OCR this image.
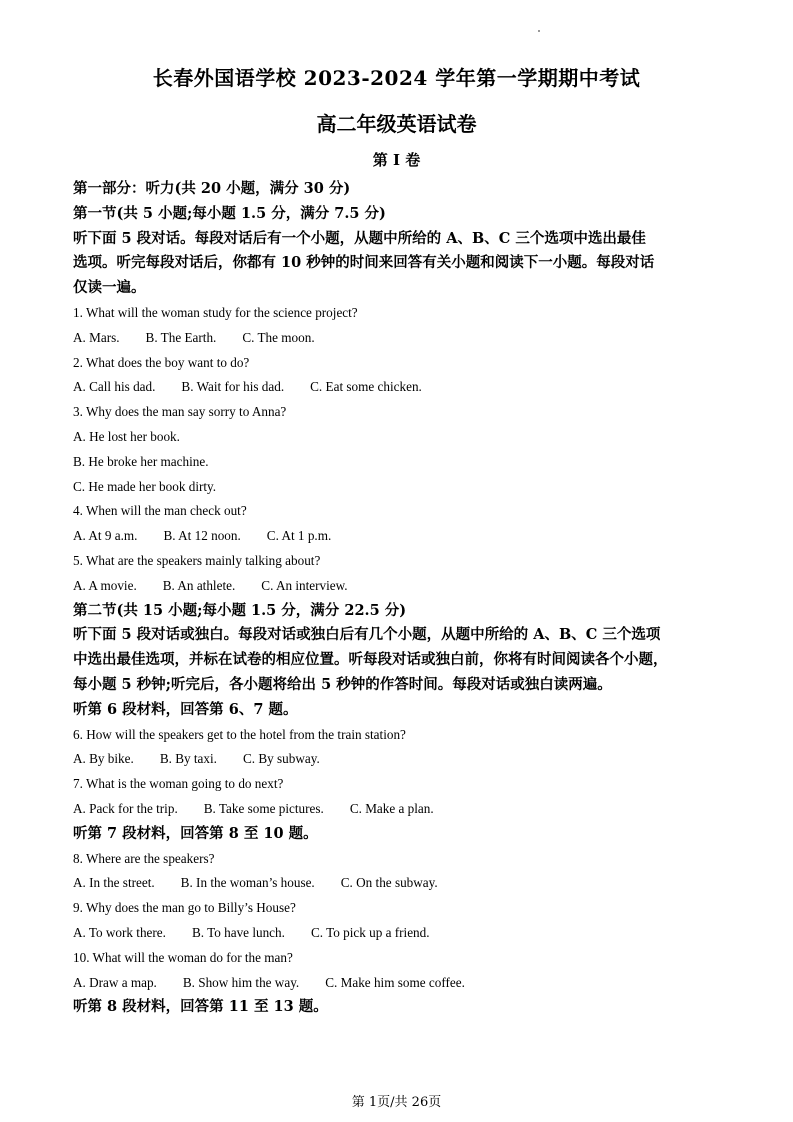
长春外国语学校 2023-2024 学年第一学期期中考试
高二年级英语试卷
第 I 卷
第一部分：听力(共 20 小题，满分 30 分)
第一节(共 5 小题;每小题 1.5 分，满分 7.5 分)
听下面 5 段对话。每段对话后有一个小题，从题中所给的 A、B、C 三个选项中选出最佳
选项。听完每段对话后，你都有 10 秒钟的时间来回答有关小题和阅读下一小题。每段对话
仅读一遍。
1. What will the woman study for the science project?
A. Mars. B. The Earth. C. The moon.
2. What does the boy want to do?
A. Call his dad. B. Wait for his dad. C. Eat some chicken.
3. Why does the man say sorry to Anna?
A. He lost her book.
B. He broke her machine.
C. He made her book dirty.
4. When will the man check out?
A. At 9 a.m. B. At 12 noon. C. At 1 p.m.
5. What are the speakers mainly talking about?
A. A movie. B. An athlete. C. An interview.
第二节(共 15 小题;每小题 1.5 分，满分 22.5 分)
听下面 5 段对话或独白。每段对话或独白后有几个小题，从题中所给的 A、B、C 三个选项
中选出最佳选项，并标在试卷的相应位置。听每段对话或独白前，你将有时间阅读各个小题，
每小题 5 秒钟;听完后，各小题将给出 5 秒钟的作答时间。每段对话或独白读两遍。
听第 6 段材料，回答第 6、7 题。
6. How will the speakers get to the hotel from the train station?
A. By bike. B. By taxi. C. By subway.
7. What is the woman going to do next?
A. Pack for the trip. B. Take some pictures. C. Make a plan.
听第 7 段材料，回答第 8 至 10 题。
8. Where are the speakers?
A. In the street. B. In the woman’s house. C. On the subway.
9. Why does the man go to Billy’s House?
A. To work there. B. To have lunch. C. To pick up a friend.
10. What will the woman do for the man?
A. Draw a map. B. Show him the way. C. Make him some coffee.
听第 8 段材料，回答第 11 至 13 题。
第 1页/共 26页
